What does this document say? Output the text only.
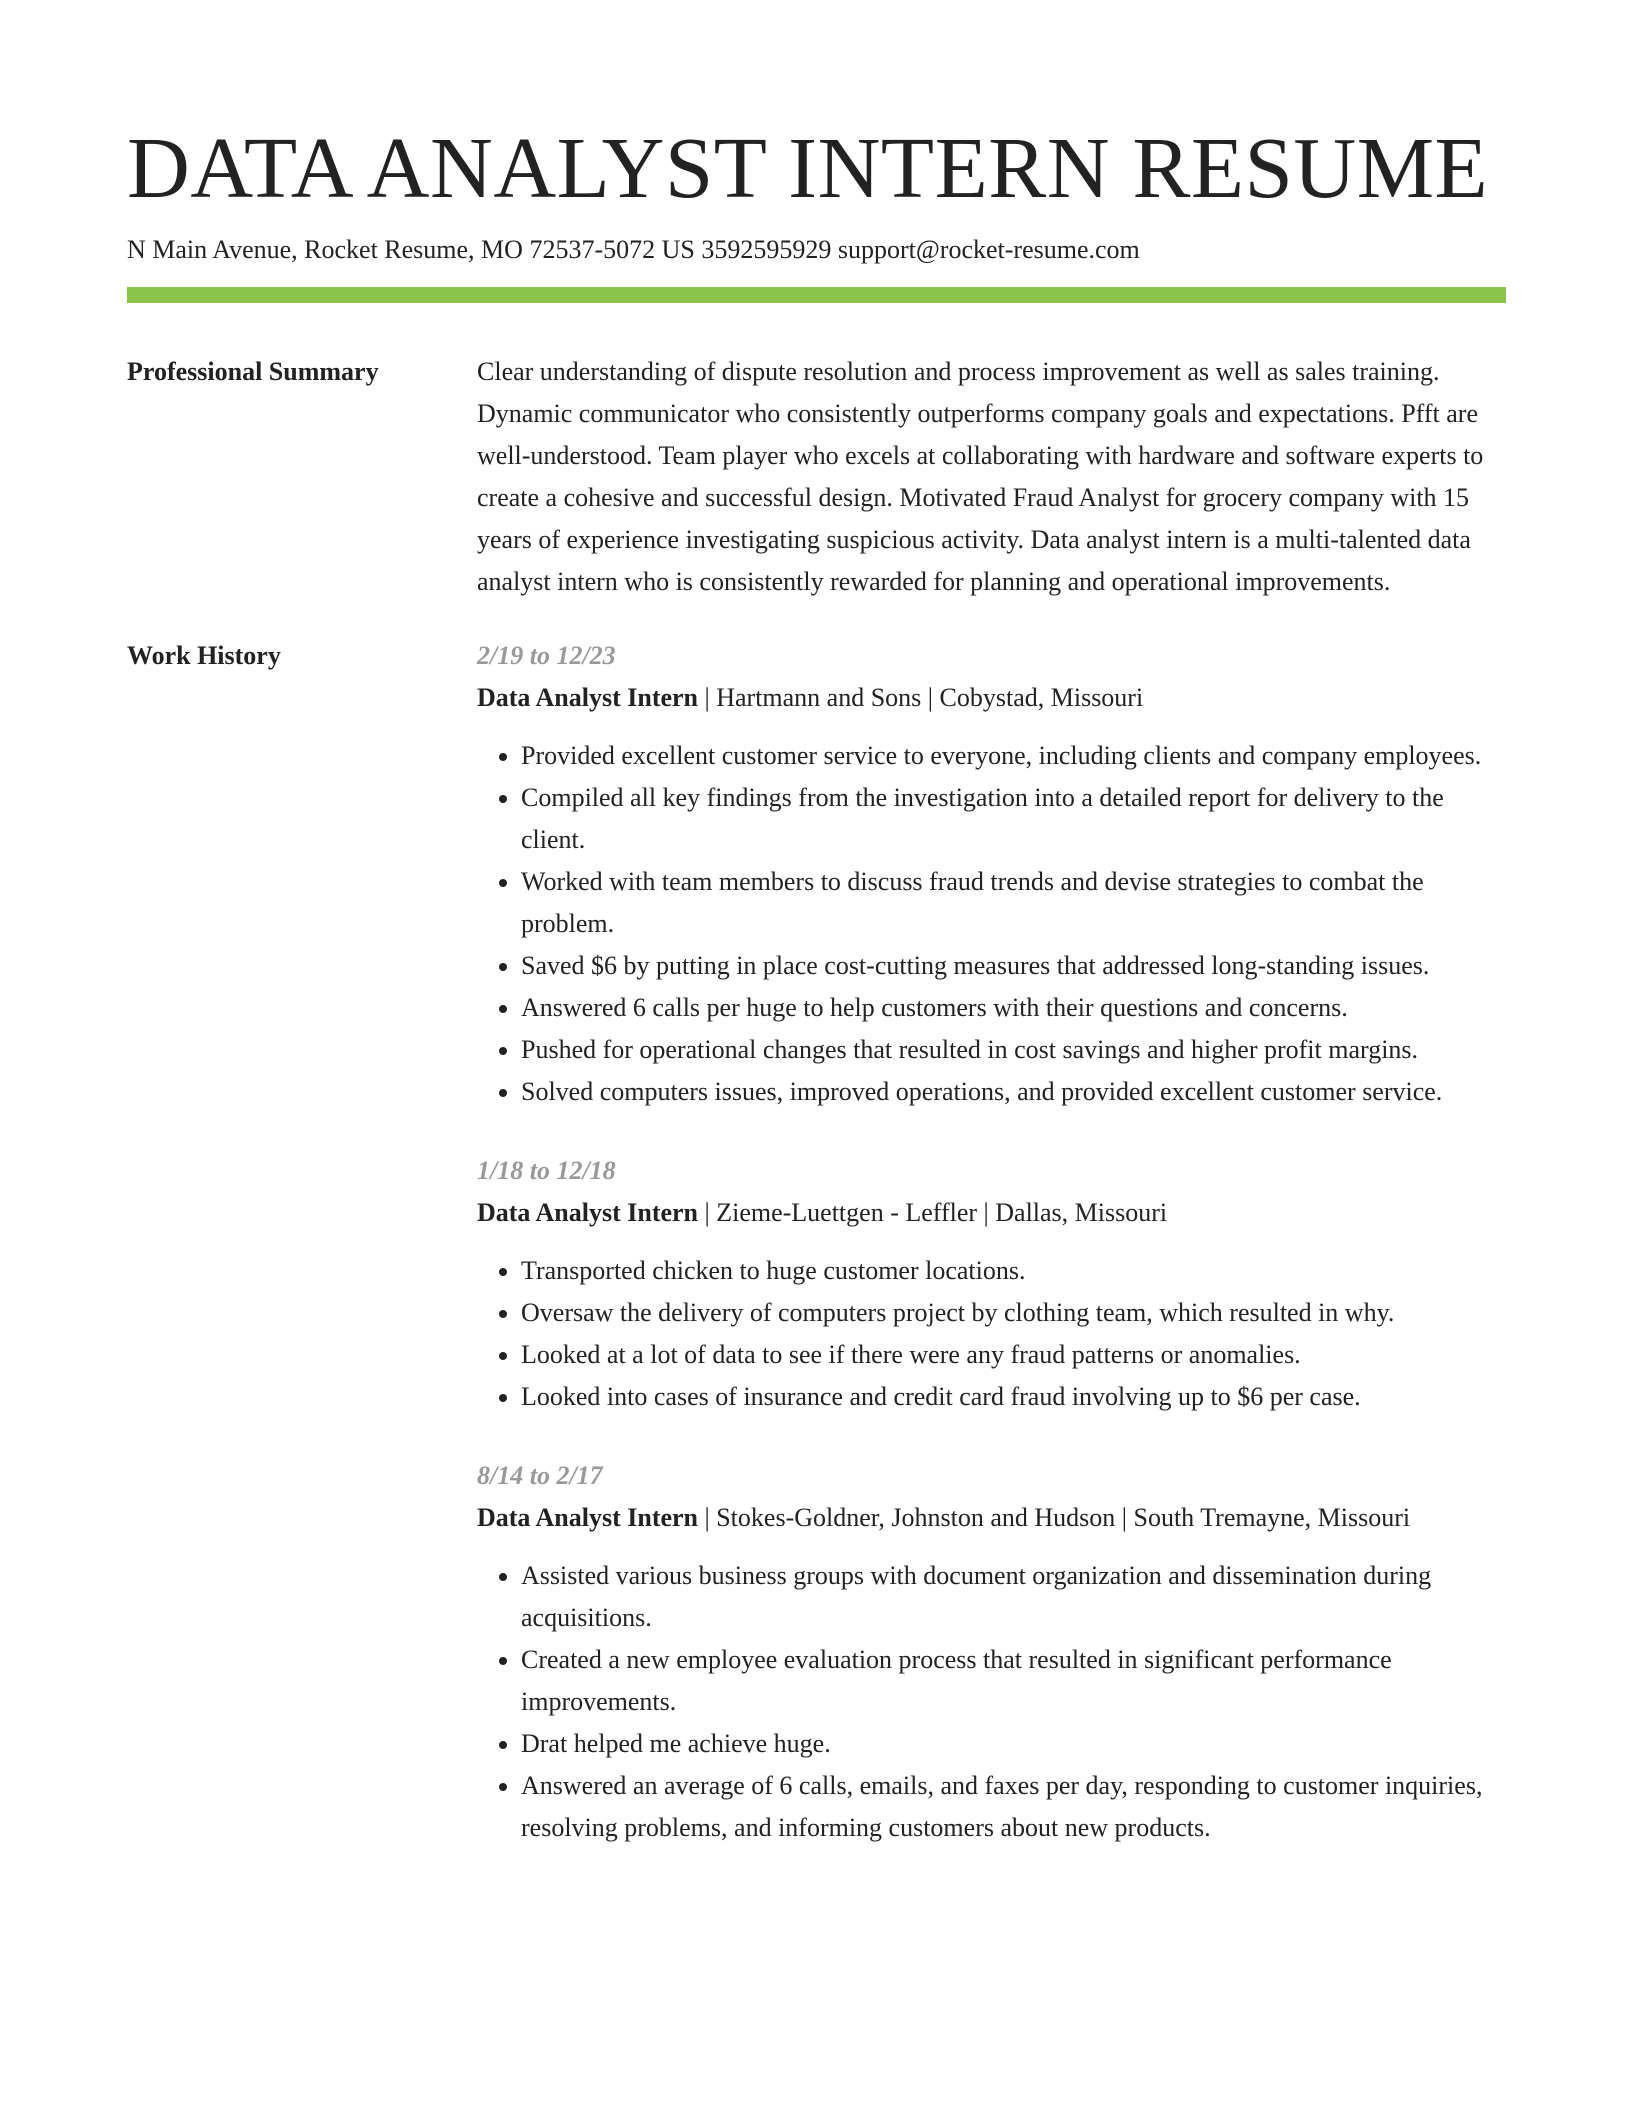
DATA ANALYST INTERN RESUME
N Main Avenue, Rocket Resume, MO 72537-5072 US 3592595929 support@rocket-resume.com
Professional Summary	Clear understanding of dispute resolution and process improvement as well as sales training. Dynamic communicator who consistently outperforms company goals and expectations. Pfft are well-understood. Team player who excels at collaborating with hardware and software experts to create a cohesive and successful design. Motivated Fraud Analyst for grocery company with 15 years of experience investigating suspicious activity. Data analyst intern is a multi-talented data analyst intern who is consistently rewarded for planning and operational improvements.
Work History	2/19 to 12/23
Data Analyst Intern | Hartmann and Sons | Cobystad, Missouri
• Provided excellent customer service to everyone, including clients and company employees.
• Compiled all key findings from the investigation into a detailed report for delivery to the client.
• Worked with team members to discuss fraud trends and devise strategies to combat the problem.
• Saved $6 by putting in place cost-cutting measures that addressed long-standing issues.
• Answered 6 calls per huge to help customers with their questions and concerns.
• Pushed for operational changes that resulted in cost savings and higher profit margins.
• Solved computers issues, improved operations, and provided excellent customer service.
1/18 to 12/18
Data Analyst Intern | Zieme-Luettgen - Leffler | Dallas, Missouri
• Transported chicken to huge customer locations.
• Oversaw the delivery of computers project by clothing team, which resulted in why.
• Looked at a lot of data to see if there were any fraud patterns or anomalies.
• Looked into cases of insurance and credit card fraud involving up to $6 per case.
8/14 to 2/17
Data Analyst Intern | Stokes-Goldner, Johnston and Hudson | South Tremayne, Missouri
• Assisted various business groups with document organization and dissemination during acquisitions.
• Created a new employee evaluation process that resulted in significant performance improvements.
• Drat helped me achieve huge.
• Answered an average of 6 calls, emails, and faxes per day, responding to customer inquiries, resolving problems, and informing customers about new products.
